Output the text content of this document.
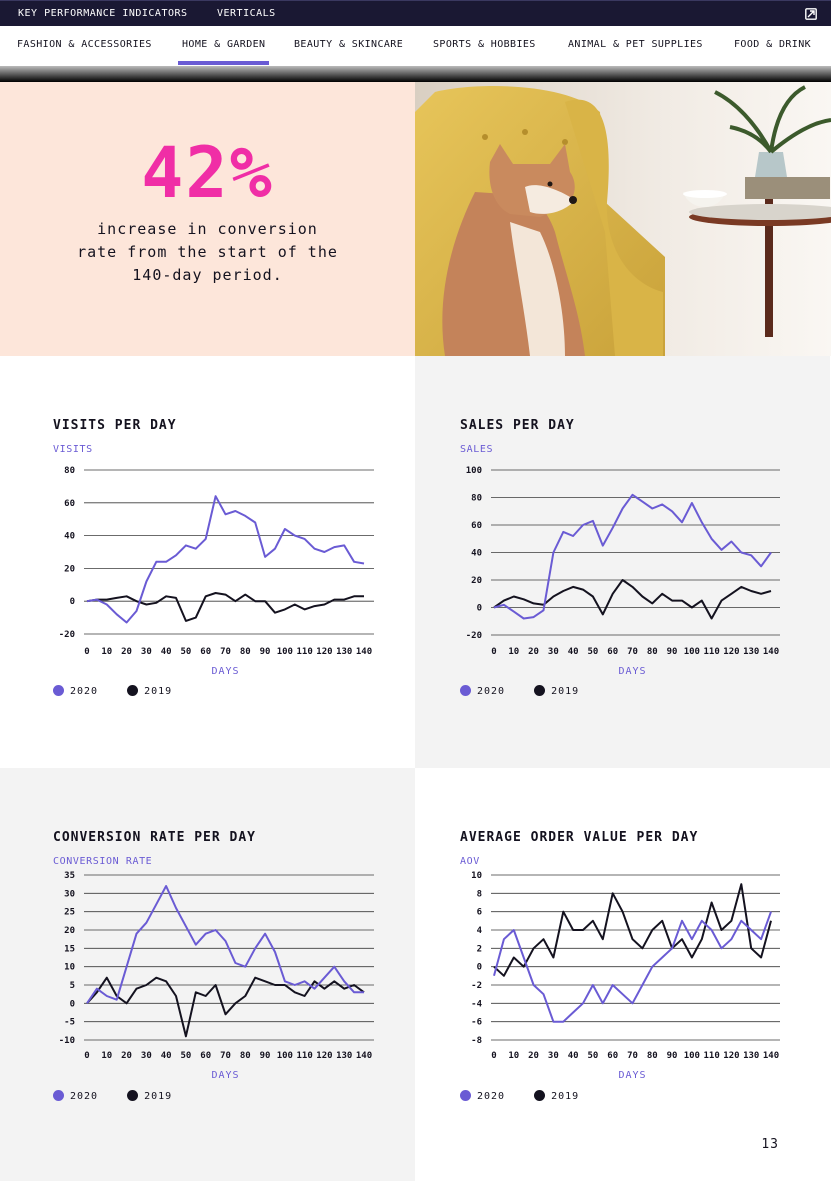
KEY PERFORMANCE INDICATORS	VERTICALS
FASHION & ACCESSORIES	HOME & GARDEN	BEAUTY & SKINCARE	SPORTS & HOBBIES	ANIMAL & PET SUPPLIES	FOOD & DRINK
42%
increase in conversion
rate from the start of the
140-day period.
VISITS PER DAY
VISITS
-20
0
20
40
60
80
0 10 20 30 40 50 60 70 80 90 100 110 120 130 140
DAYS
2020	2019
SALES PER DAY
SALES
-20
0
20
40
60
80
100
0 10 20 30 40 50 60 70 80 90 100 110 120 130 140
DAYS
2020	2019
CONVERSION RATE PER DAY
CONVERSION RATE
-10
-5
0
5
10
15
20
25
30
35
0 10 20 30 40 50 60 70 80 90 100 110 120 130 140
DAYS
2020	2019
AVERAGE ORDER VALUE PER DAY
AOV
-8
-6
-4
-2
0
2
4
6
8
10
0 10 20 30 40 50 60 70 80 90 100 110 120 130 140
DAYS
2020	2019
13
